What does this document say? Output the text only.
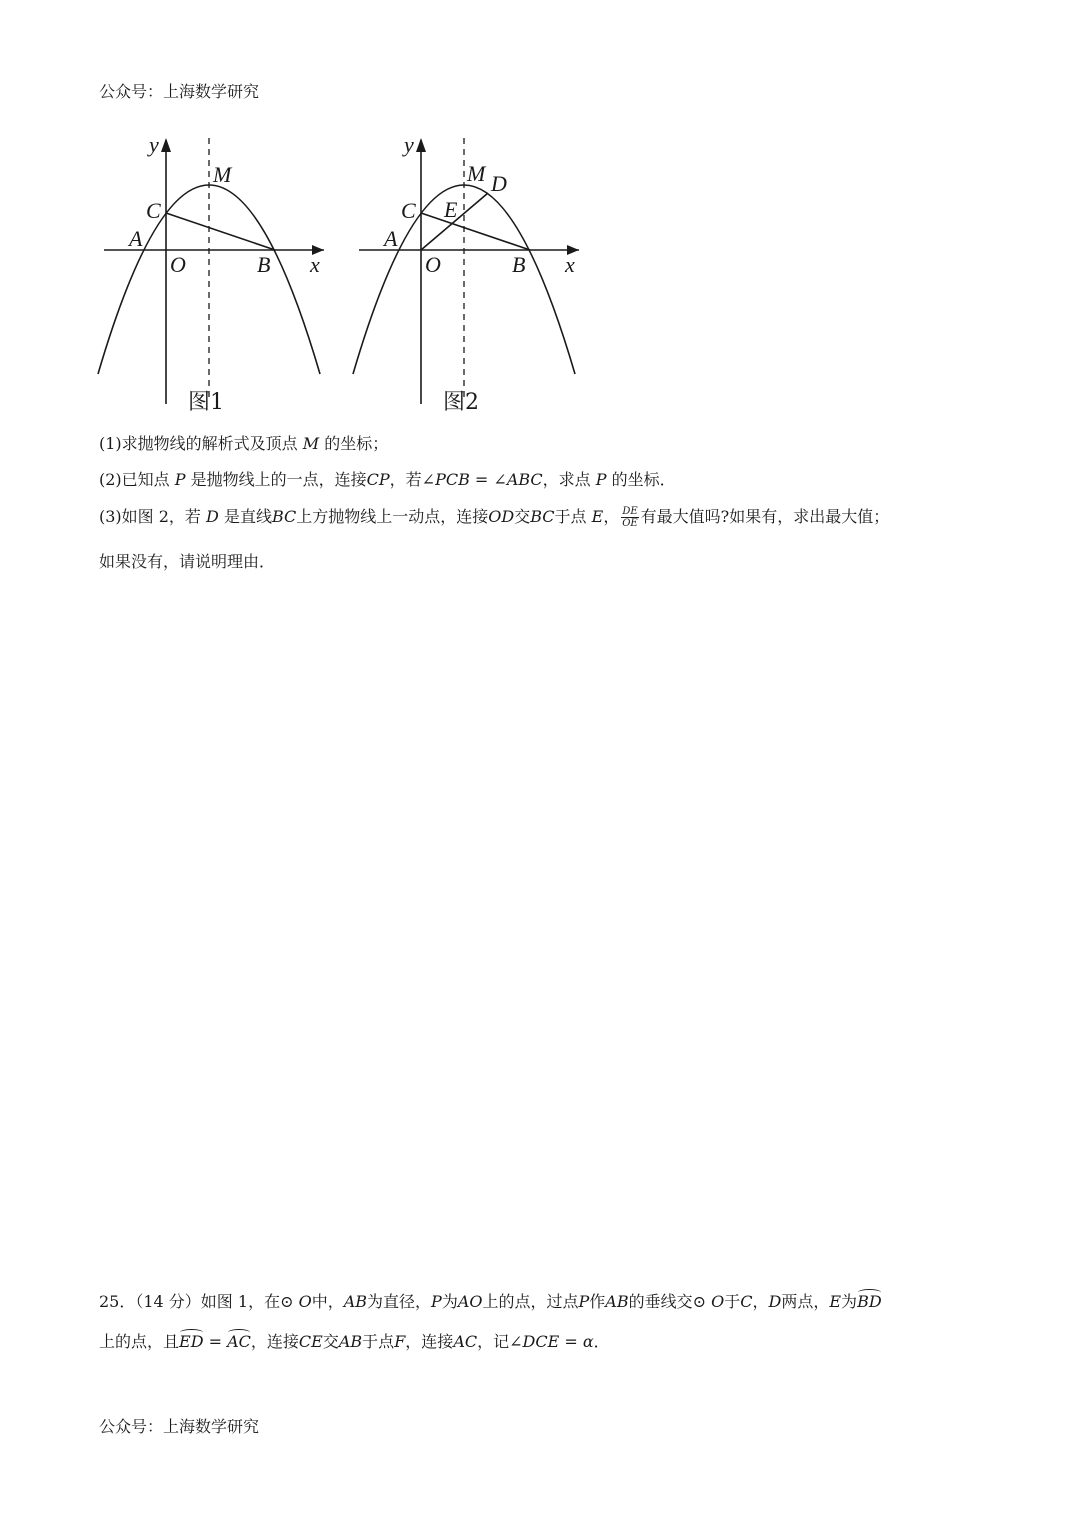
公众号：上海数学研究
y
x
M
C
A
O	B
图1
y
x
M D
C E
A
O	B
图2
(1)求抛物线的解析式及顶点 M 的坐标；
(2)已知点 P 是抛物线上的一点，连接CP，若∠PCB = ∠ABC，求点 P 的坐标．
(3)如图 2，若 D 是直线BC上方抛物线上一动点，连接OD交BC于点 E， $\frac{DE}{OE}$ 有最大值吗?如果有，求出最大值；
如果没有，请说明理由．
25．（14 分）如图 1，在⊙ O中，AB为直径，P为AO上的点，过点P作AB的垂线交⊙ O于C，D两点，E为BD
上的点，且ED = AC，连接CE交AB于点F，连接AC，记∠DCE = α．
公众号：上海数学研究
